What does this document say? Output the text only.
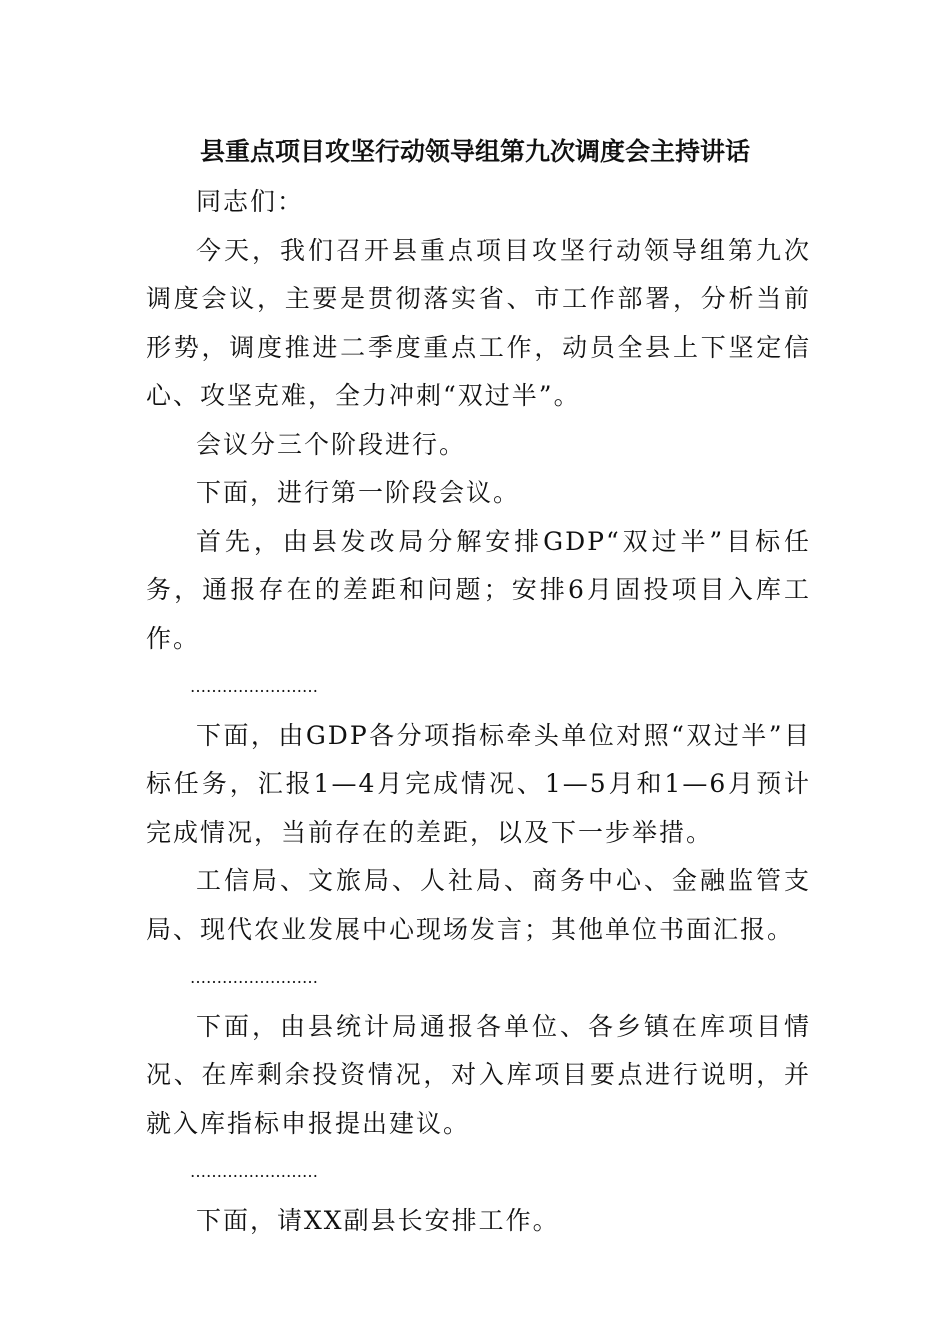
县重点项目攻坚行动领导组第九次调度会主持讲话

同志们：

今天，我们召开县重点项目攻坚行动领导组第九次调度会议，主要是贯彻落实省、市工作部署，分析当前形势，调度推进二季度重点工作，动员全县上下坚定信心、攻坚克难，全力冲刺“双过半”。

会议分三个阶段进行。

下面，进行第一阶段会议。

首先，由县发改局分解安排GDP“双过半”目标任务，通报存在的差距和问题；安排6月固投项目入库工作。

……………………

下面，由GDP各分项指标牵头单位对照“双过半”目标任务，汇报1—4月完成情况、1—5月和1—6月预计完成情况，当前存在的差距，以及下一步举措。

工信局、文旅局、人社局、商务中心、金融监管支局、现代农业发展中心现场发言；其他单位书面汇报。

……………………

下面，由县统计局通报各单位、各乡镇在库项目情况、在库剩余投资情况，对入库项目要点进行说明，并就入库指标申报提出建议。

……………………

下面，请XX副县长安排工作。
